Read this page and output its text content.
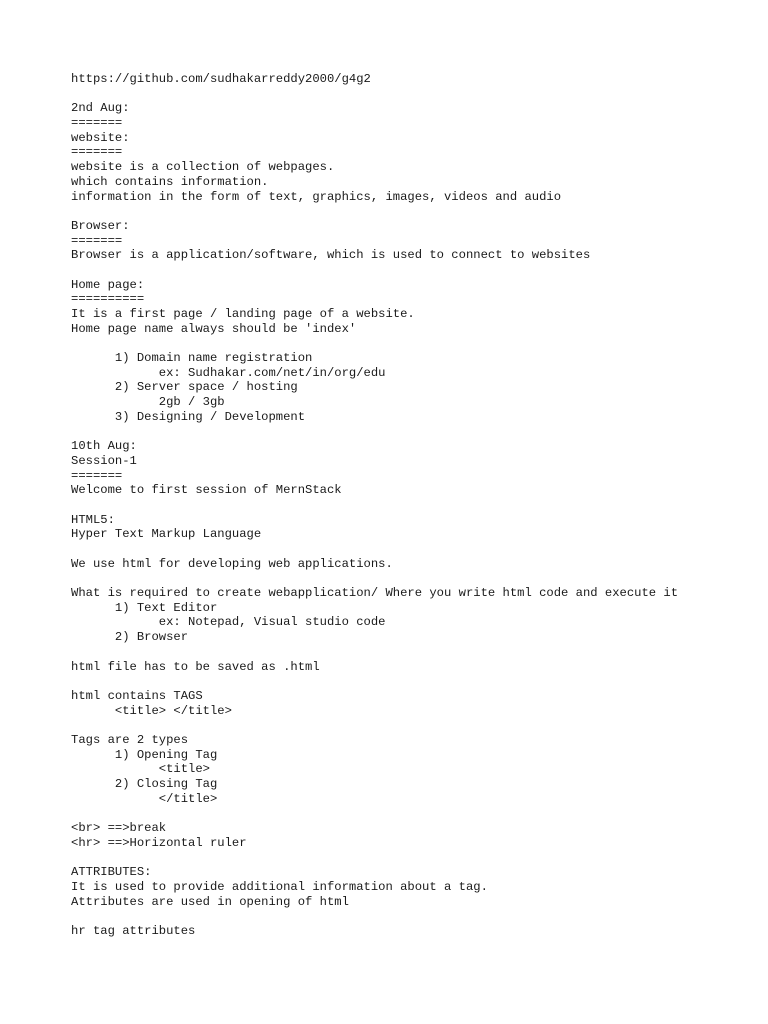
https://github.com/sudhakarreddy2000/g4g2
2nd Aug:
=======
website:
=======
website is a collection of webpages.
which contains information.
information in the form of text, graphics, images, videos and audio
Browser:
=======
Browser is a application/software, which is used to connect to websites
Home page:
==========
It is a first page / landing page of a website.
Home page name always should be 'index'
1) Domain name registration
ex: Sudhakar.com/net/in/org/edu
2) Server space / hosting
2gb / 3gb
3) Designing / Development
10th Aug:
Session-1
=======
Welcome to first session of MernStack
HTML5:
Hyper Text Markup Language
We use html for developing web applications.
What is required to create webapplication/ Where you write html code and execute it
1) Text Editor
ex: Notepad, Visual studio code
2) Browser
html file has to be saved as .html
html contains TAGS
<title> </title>
Tags are 2 types
1) Opening Tag
<title>
2) Closing Tag
</title>
<br> ==>break
<hr> ==>Horizontal ruler
ATTRIBUTES:
It is used to provide additional information about a tag.
Attributes are used in opening of html
hr tag attributes
